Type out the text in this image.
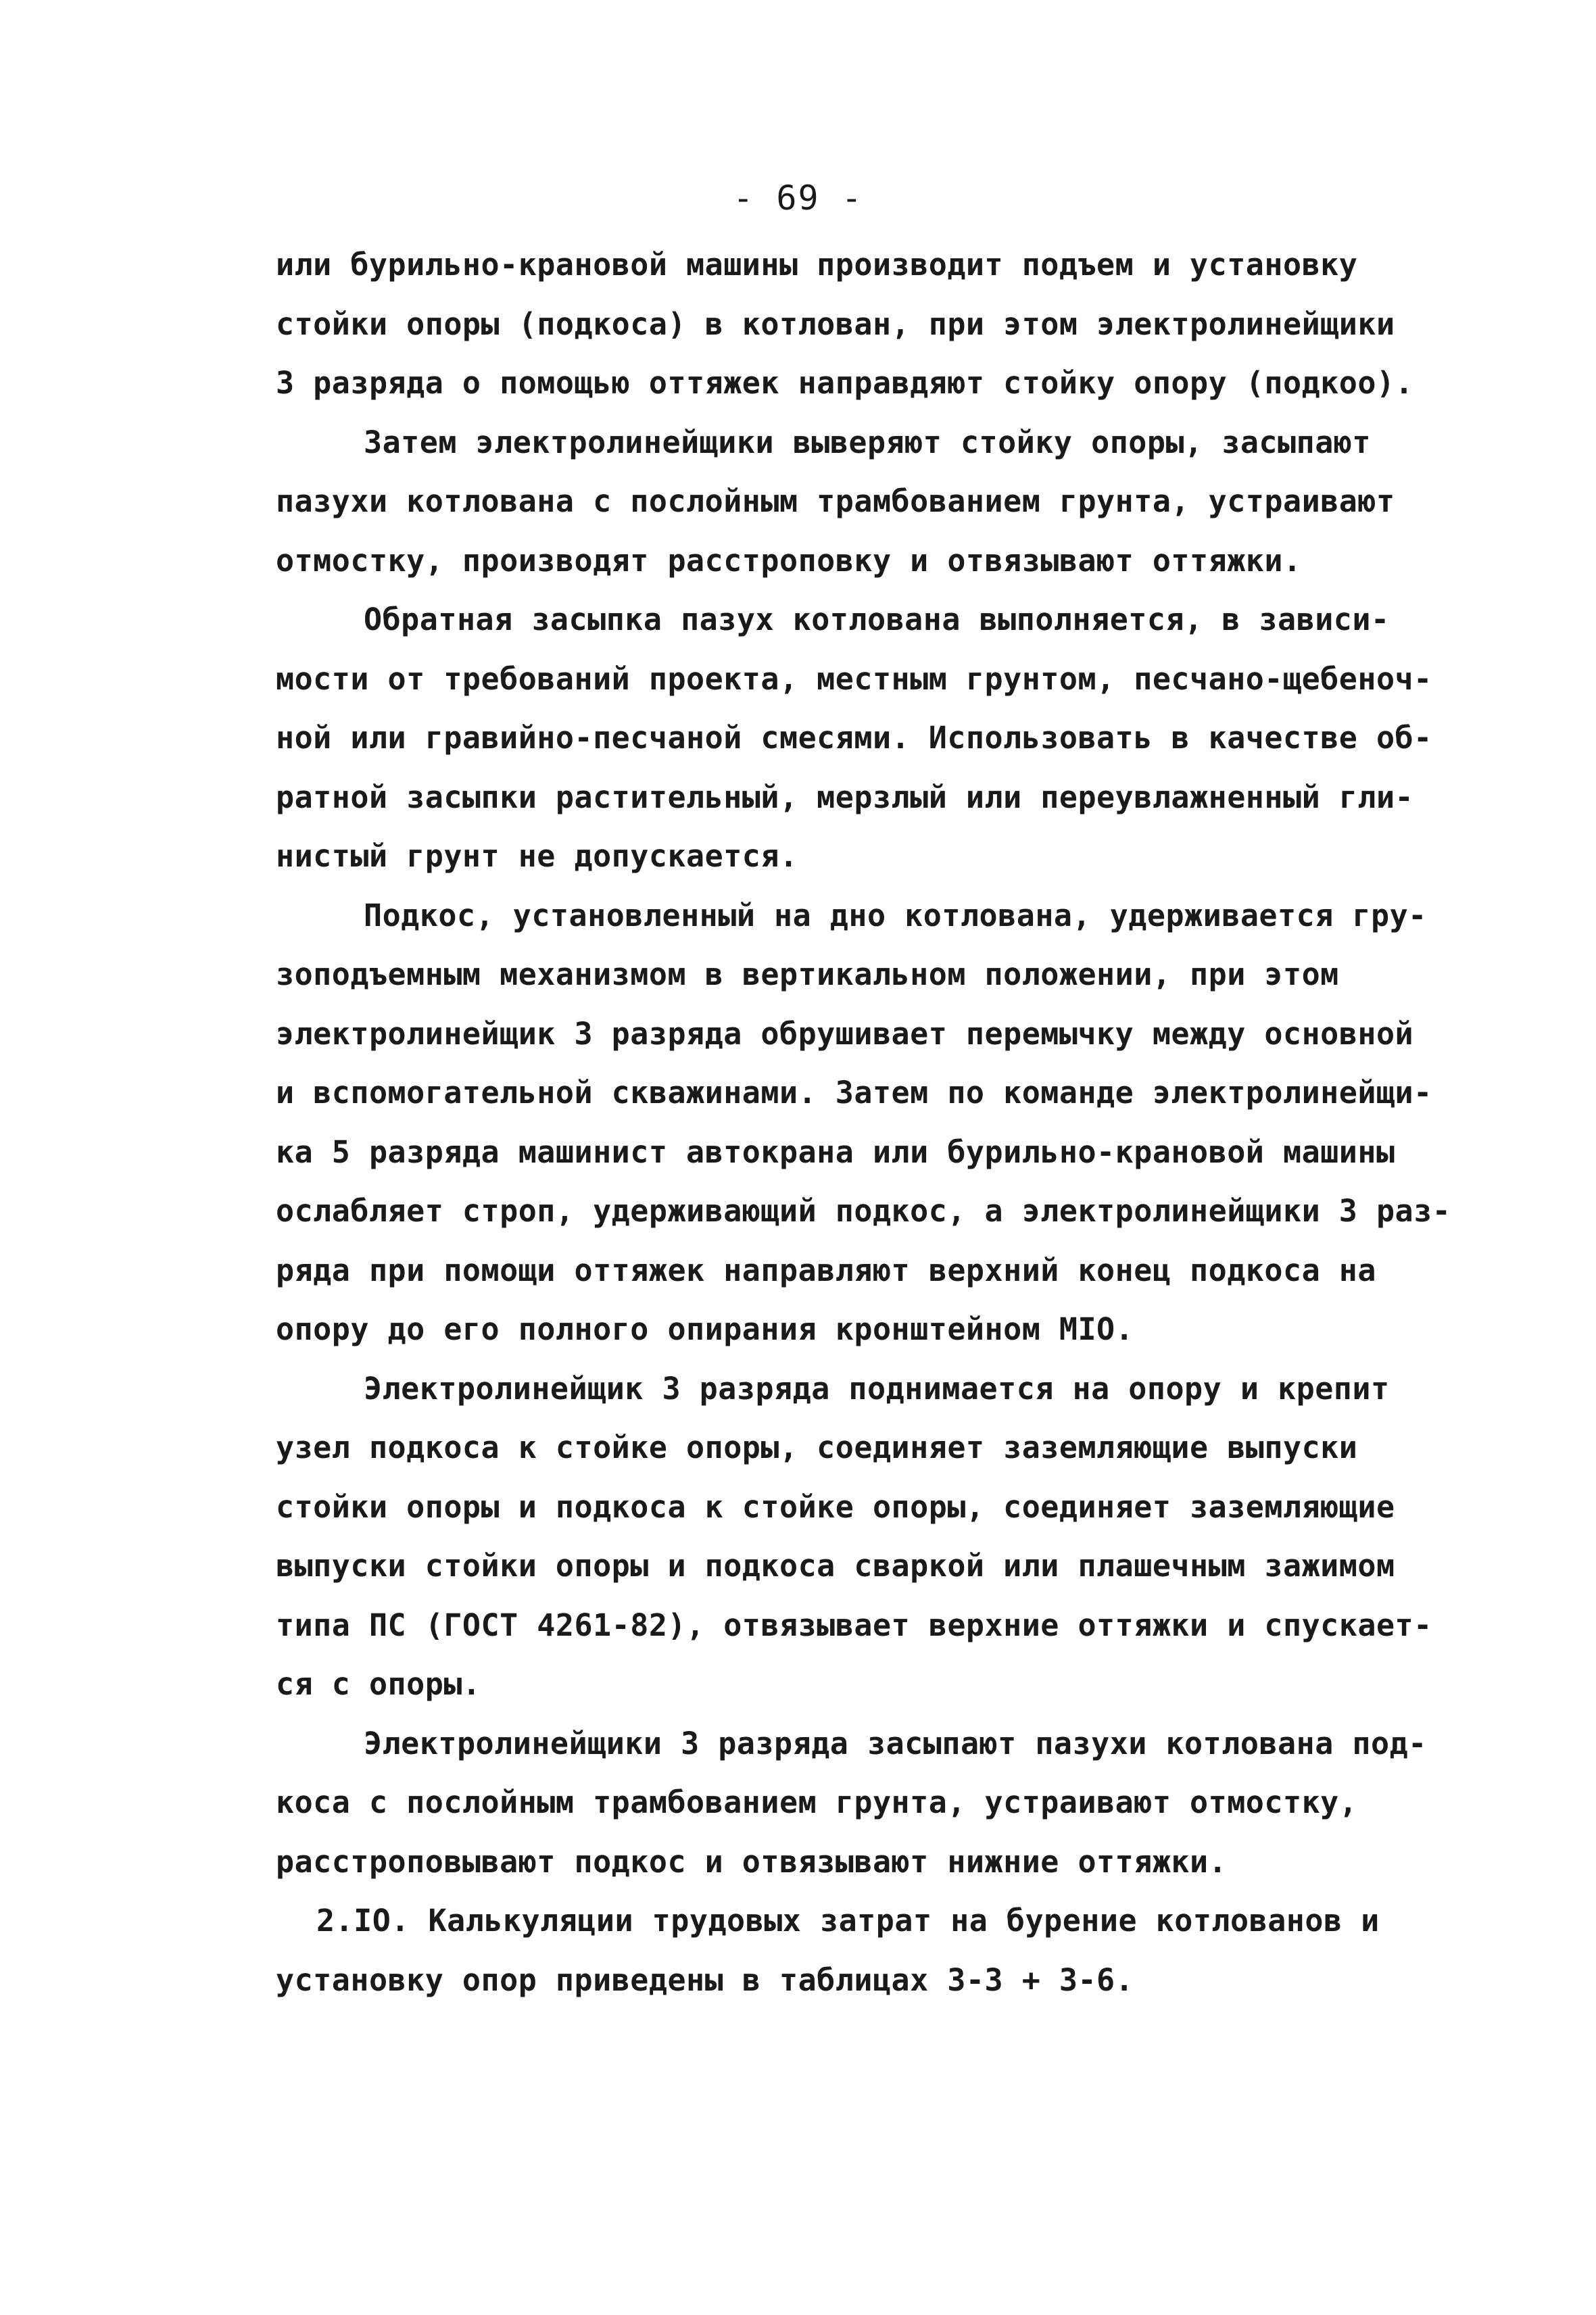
- 69 -
или бурильно-крановой машины производит подъем и установку
стойки опоры (подкоса) в котлован, при этом электролинейщики
3 разряда о помощью оттяжек направдяют стойку опору (подкоо).
Затем электролинейщики выверяют стойку опоры, засыпают
пазухи котлована с послойным трамбованием грунта, устраивают
отмостку, производят расстроповку и отвязывают оттяжки.
Обратная засыпка пазух котлована выполняется, в зависи-
мости от требований проекта, местным грунтом, песчано-щебеноч-
ной или гравийно-песчаной смесями. Использовать в качестве об-
ратной засыпки растительный, мерзлый или переувлажненный гли-
нистый грунт не допускается.
Подкос, установленный на дно котлована, удерживается гру-
зоподъемным механизмом в вертикальном положении, при этом
электролинейщик 3 разряда обрушивает перемычку между основной
и вспомогательной скважинами. Затем по команде электролинейщи-
ка 5 разряда машинист автокрана или бурильно-крановой машины
ослабляет строп, удерживающий подкос, а электролинейщики 3 раз-
ряда при помощи оттяжек направляют верхний конец подкоса на
опору до его полного опирания кронштейном МIО.
Электролинейщик 3 разряда поднимается на опору и крепит
узел подкоса к стойке опоры, соединяет заземляющие выпуски
стойки опоры и подкоса к стойке опоры, соединяет заземляющие
выпуски стойки опоры и подкоса сваркой или плашечным зажимом
типа ПС (ГОСТ 4261-82), отвязывает верхние оттяжки и спускает-
ся с опоры.
Электролинейщики 3 разряда засыпают пазухи котлована под-
коса с послойным трамбованием грунта, устраивают отмостку,
расстроповывают подкос и отвязывают нижние оттяжки.
2.IО. Калькуляции трудовых затрат на бурение котлованов и
установку опор приведены в таблицах 3-3 + 3-6.
